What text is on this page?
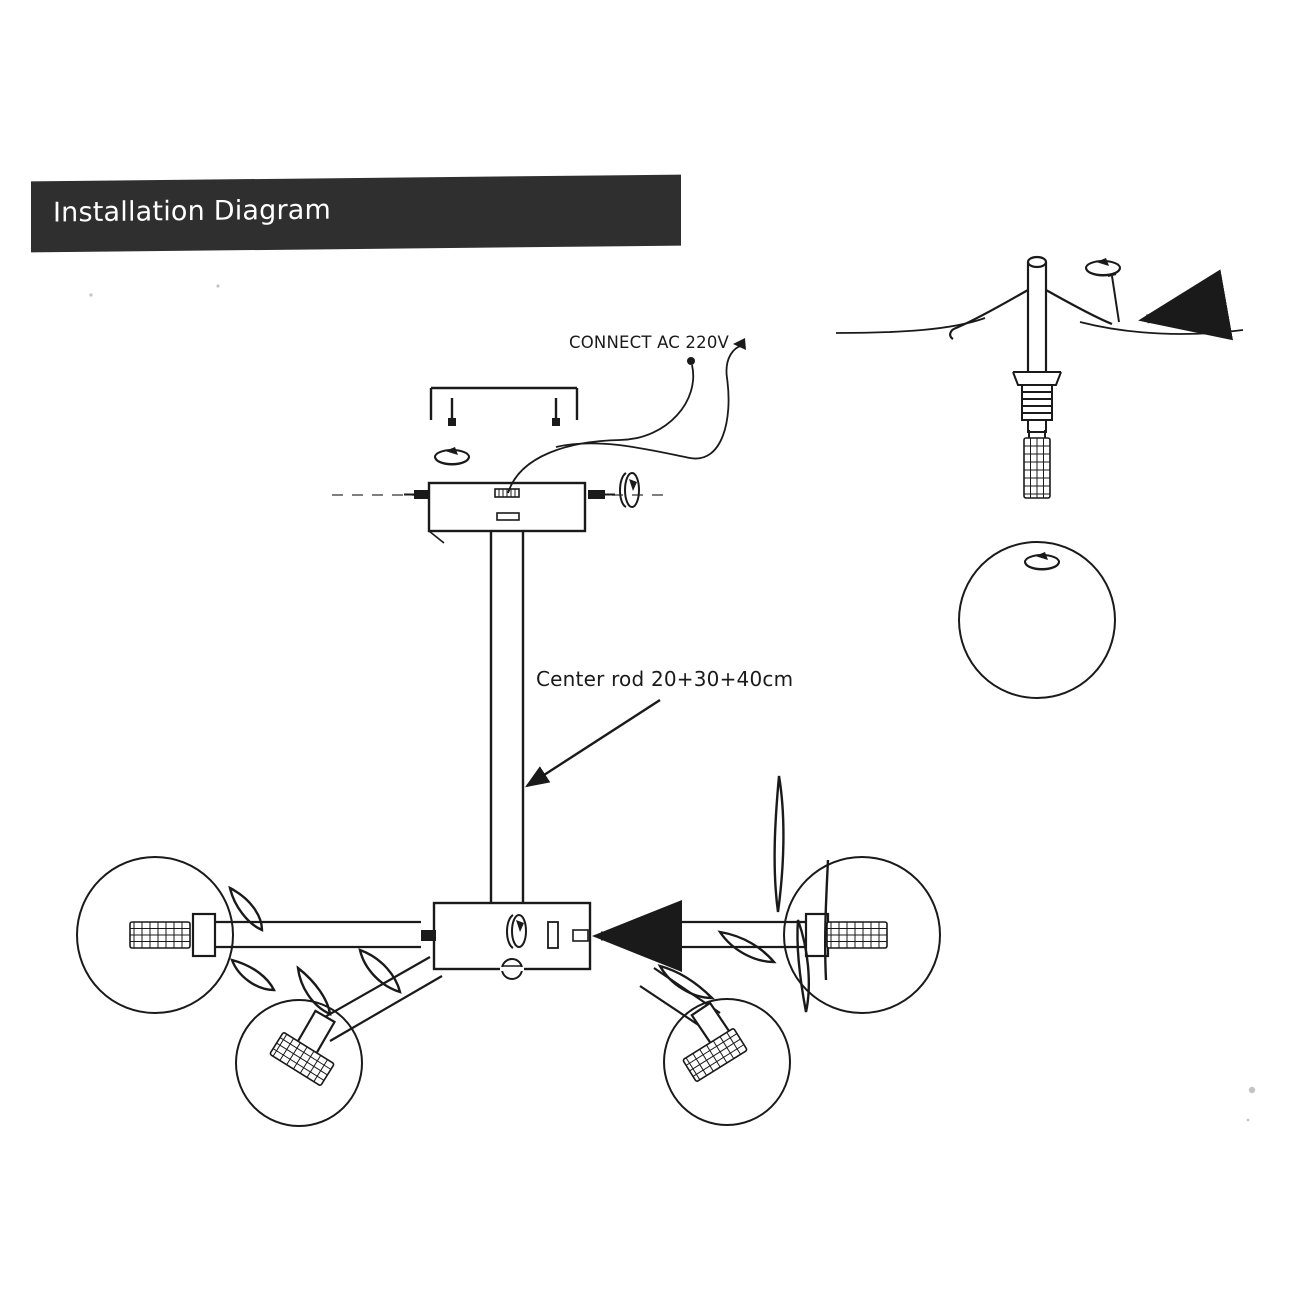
Installation Diagram
CONNECT AC 220V
Center rod 20+30+40cm
